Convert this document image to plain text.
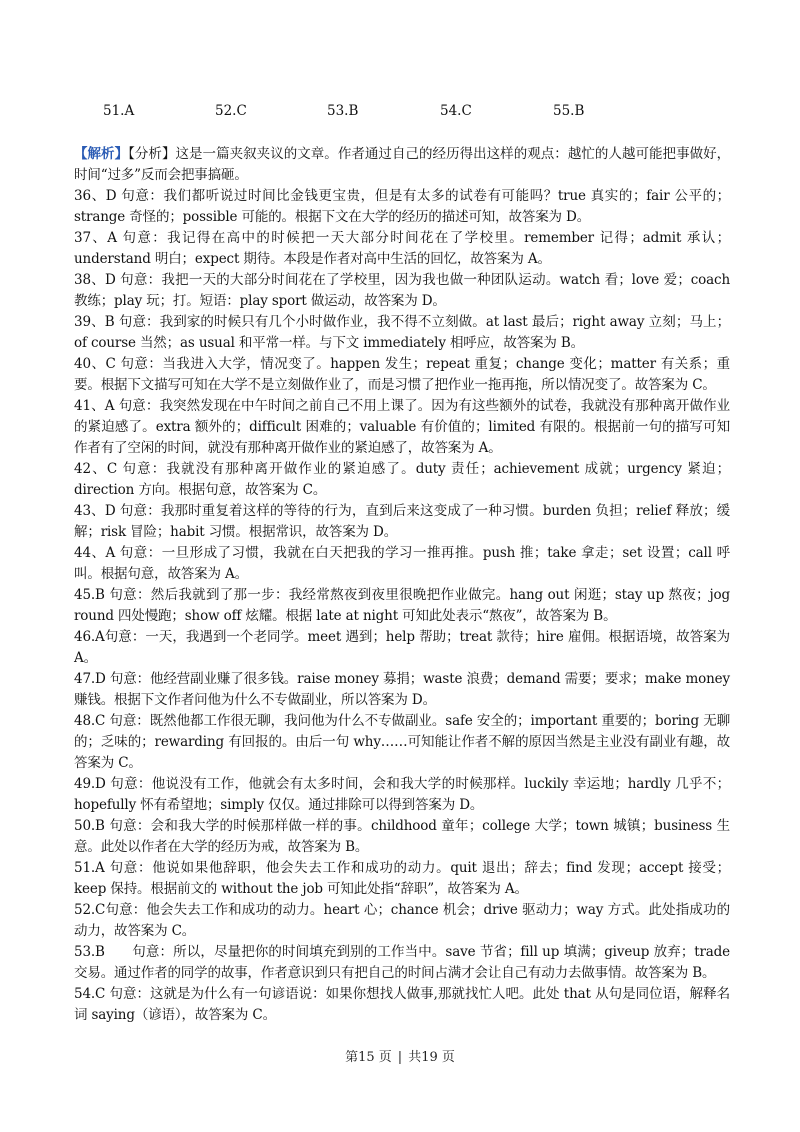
51.A	52.C	53.B	54.C	55.B

【解析】【分析】这是一篇夹叙夹议的文章。作者通过自己的经历得出这样的观点：越忙的人越可能把事做好，时间“过多”反而会把事搞砸。

36、D 句意：我们都听说过时间比金钱更宝贵，但是有太多的试卷有可能吗？true 真实的；fair 公平的；strange 奇怪的；possible 可能的。根据下文在大学的经历的描述可知，故答案为 D。

37、A 句意：我记得在高中的时候把一天大部分时间花在了学校里。remember 记得；admit 承认；understand 明白；expect 期待。本段是作者对高中生活的回忆，故答案为 A。

38、D 句意：我把一天的大部分时间花在了学校里，因为我也做一种团队运动。watch 看；love 爱；coach 教练；play 玩；打。短语：play sport 做运动，故答案为 D。

39、B 句意：我到家的时候只有几个小时做作业，我不得不立刻做。at last 最后；right away 立刻；马上；of course 当然；as usual 和平常一样。与下文 immediately 相呼应，故答案为 B。

40、C 句意：当我进入大学，情况变了。happen 发生；repeat 重复；change 变化；matter 有关系；重要。根据下文描写可知在大学不是立刻做作业了，而是习惯了把作业一拖再拖，所以情况变了。故答案为 C。

41、A 句意：我突然发现在中午时间之前自己不用上课了。因为有这些额外的试卷，我就没有那种离开做作业的紧迫感了。extra 额外的；difficult 困难的；valuable 有价值的；limited 有限的。根据前一句的描写可知作者有了空闲的时间，就没有那种离开做作业的紧迫感了，故答案为 A。

42、C 句意：我就没有那种离开做作业的紧迫感了。duty 责任；achievement 成就；urgency 紧迫；direction 方向。根据句意，故答案为 C。

43、D 句意：我那时重复着这样的等待的行为，直到后来这变成了一种习惯。burden 负担；relief 释放；缓解；risk 冒险；habit 习惯。根据常识，故答案为 D。

44、A 句意：一旦形成了习惯，我就在白天把我的学习一推再推。push 推；take 拿走；set 设置；call 呼叫。根据句意，故答案为 A。

45.B 句意：然后我就到了那一步：我经常熬夜到夜里很晚把作业做完。hang out 闲逛；stay up 熬夜；jog round 四处慢跑；show off 炫耀。根据 late at night 可知此处表示“熬夜”，故答案为 B。

46.A句意：一天，我遇到一个老同学。meet 遇到；help 帮助；treat 款待；hire 雇佣。根据语境，故答案为 A。

47.D 句意：他经营副业赚了很多钱。raise money 募捐；waste 浪费；demand 需要；要求；make money 赚钱。根据下文作者问他为什么不专做副业，所以答案为 D。

48.C 句意：既然他都工作很无聊，我问他为什么不专做副业。safe 安全的；important 重要的；boring 无聊的；乏味的；rewarding 有回报的。由后一句 why……可知能让作者不解的原因当然是主业没有副业有趣，故答案为 C。

49.D 句意：他说没有工作，他就会有太多时间，会和我大学的时候那样。luckily 幸运地；hardly 几乎不；hopefully 怀有希望地；simply 仅仅。通过排除可以得到答案为 D。

50.B 句意：会和我大学的时候那样做一样的事。childhood 童年；college 大学；town 城镇；business 生意。此处以作者在大学的经历为戒，故答案为 B。

51.A 句意：他说如果他辞职，他会失去工作和成功的动力。quit 退出；辞去；find 发现；accept 接受；keep 保持。根据前文的 without the job 可知此处指“辞职”，故答案为 A。

52.C句意：他会失去工作和成功的动力。heart 心；chance 机会；drive 驱动力；way 方式。此处指成功的动力，故答案为 C。

53.B　　句意：所以，尽量把你的时间填充到别的工作当中。save 节省；fill up 填满；giveup 放弃；trade 交易。通过作者的同学的故事，作者意识到只有把自己的时间占满才会让自己有动力去做事情。故答案为 B。

54.C 句意：这就是为什么有一句谚语说：如果你想找人做事,那就找忙人吧。此处 that 从句是同位语，解释名词 saying（谚语），故答案为 C。

第15 页 | 共19 页
